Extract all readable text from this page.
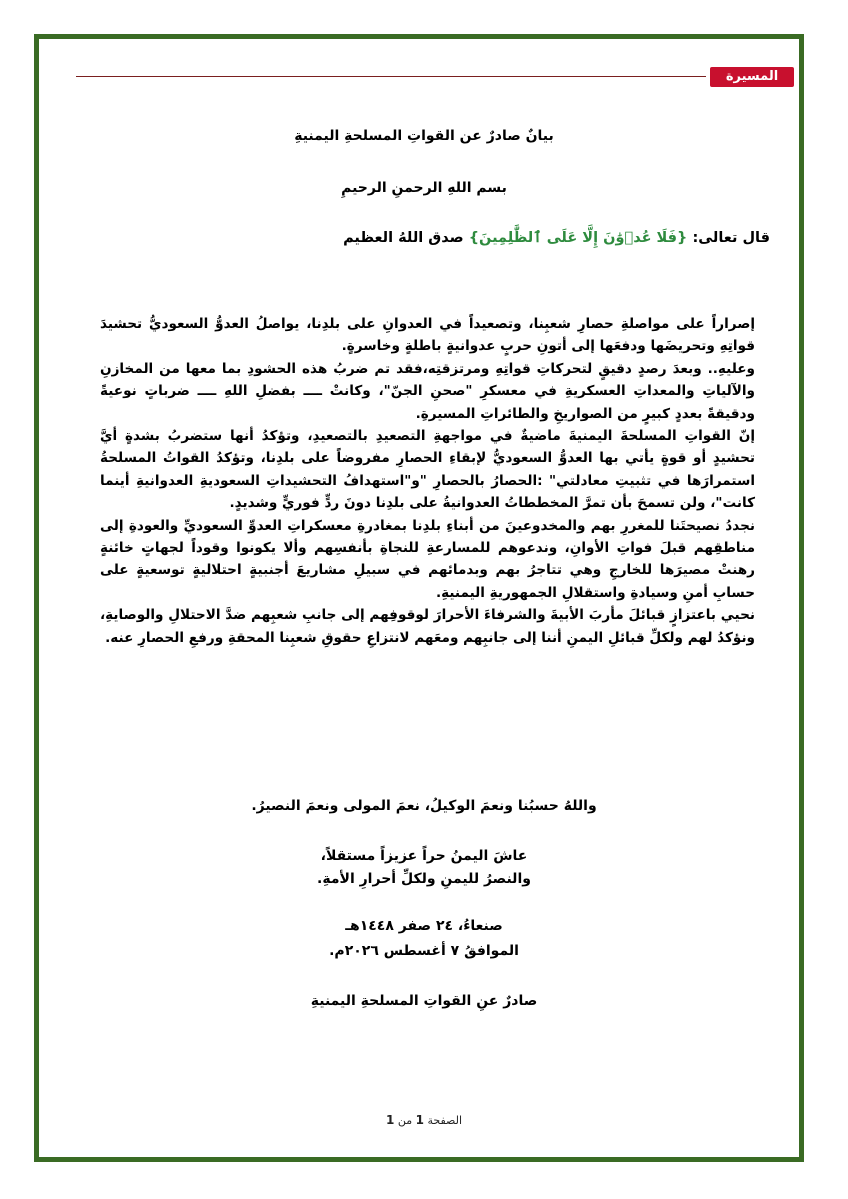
المسيرة
بيانٌ صادرٌ عن القواتِ المسلحةِ اليمنيةِ
بسم اللهِ الرحمنِ الرحيمِ
قال تعالى: {فَلَا عُدۡوَٰنَ إِلَّا عَلَى ٱلظَّٰلِمِينَ} صدق اللهُ العظيم

إصراراً على مواصلةِ حصارِ شعبِنا، وتصعيداً في العدوانِ على بلدِنا، يواصلُ العدوُّ السعوديُّ تحشيدَ قواتِهِ وتحريضَها ودفعَها إلى أتونِ حربٍ عدوانيةٍ باطلةٍ وخاسرةٍ.

وعليهِ.. وبعدَ رصدٍ دقيقٍ لتحركاتِ قواتِهِ ومرتزقتِه،فقد تم ضربُ هذه الحشودِ بما معها من المخازنِ والآلياتِ والمعداتِ العسكريةِ في معسكرِ "صحنِ الجنّ"، وكانتْ ــــ بفضلِ اللهِ ــــ ضرباتٍ نوعيةً ودقيقةً بعددٍ كبيرٍ من الصواريخِ والطائراتِ المسيرةِ.

إنّ القواتِ المسلحةَ اليمنيةَ ماضيةٌ في مواجهةِ التصعيدِ بالتصعيدِ، وتؤكدُ أنها ستضربُ بشدةٍ أيَّ تحشيدٍ أو قوةٍ يأتي بها العدوُّ السعوديُّ لإبقاءِ الحصارِ مفروضاً على بلدِنا، وتؤكدُ القواتُ المسلحةُ استمرارَها في تثبيتِ معادلتي" :الحصارُ بالحصارِ "و"استهدافُ التحشيداتِ السعوديةِ العدوانيةِ أينما كانت"، ولن تسمحَ بأن تمرَّ المخططاتُ العدوانيةُ على بلدِنا دونَ ردٍّ فوريٍّ وشديدٍ.

نجددُ نصيحتَنا للمغررِ بهم والمخدوعينَ من أبناءِ بلدِنا بمغادرةِ معسكراتِ العدوِّ السعوديِّ والعودةِ إلى مناطقِهم قبلَ فواتِ الأوانِ، وندعوهم للمسارعةِ للنجاةِ بأنفسِهم وألا يكونوا وقوداً لجهاتٍ خائنةٍ رهنتْ مصيرَها للخارجِ وهي تتاجرُ بهم وبدمائهم في سبيلِ مشاريعَ أجنبيةٍ احتلاليةٍ توسعيةٍ على حسابِ أمنِ وسيادةِ واستقلالِ الجمهوريةِ اليمنيةِ.

نحيي باعتزازٍ قبائلَ مأربَ الأبيةَ والشرفاءَ الأحرارَ لوقوفِهم إلى جانبِ شعبِهم ضدَّ الاحتلالِ والوصايةِ، ونؤكدُ لهم ولكلِّ قبائلِ اليمنِ أننا إلى جانبِهم ومعَهم لانتزاعِ حقوقِ شعبِنا المحقةِ ورفعِ الحصارِ عنه.

واللهُ حسبُنا ونعمَ الوكيلُ، نعمَ المولى ونعمَ النصيرُ.
عاشَ اليمنُ حراً عزيزاً مستقلاً،
والنصرُ لليمنِ ولكلِّ أحرارِ الأمةِ.
صنعاءُ، ٢٤ صفر ١٤٤٨هـ
الموافقُ ٧ أغسطس ٢٠٢٦م.
صادرٌ عنِ القواتِ المسلحةِ اليمنيةِ
الصفحة 1 من 1
